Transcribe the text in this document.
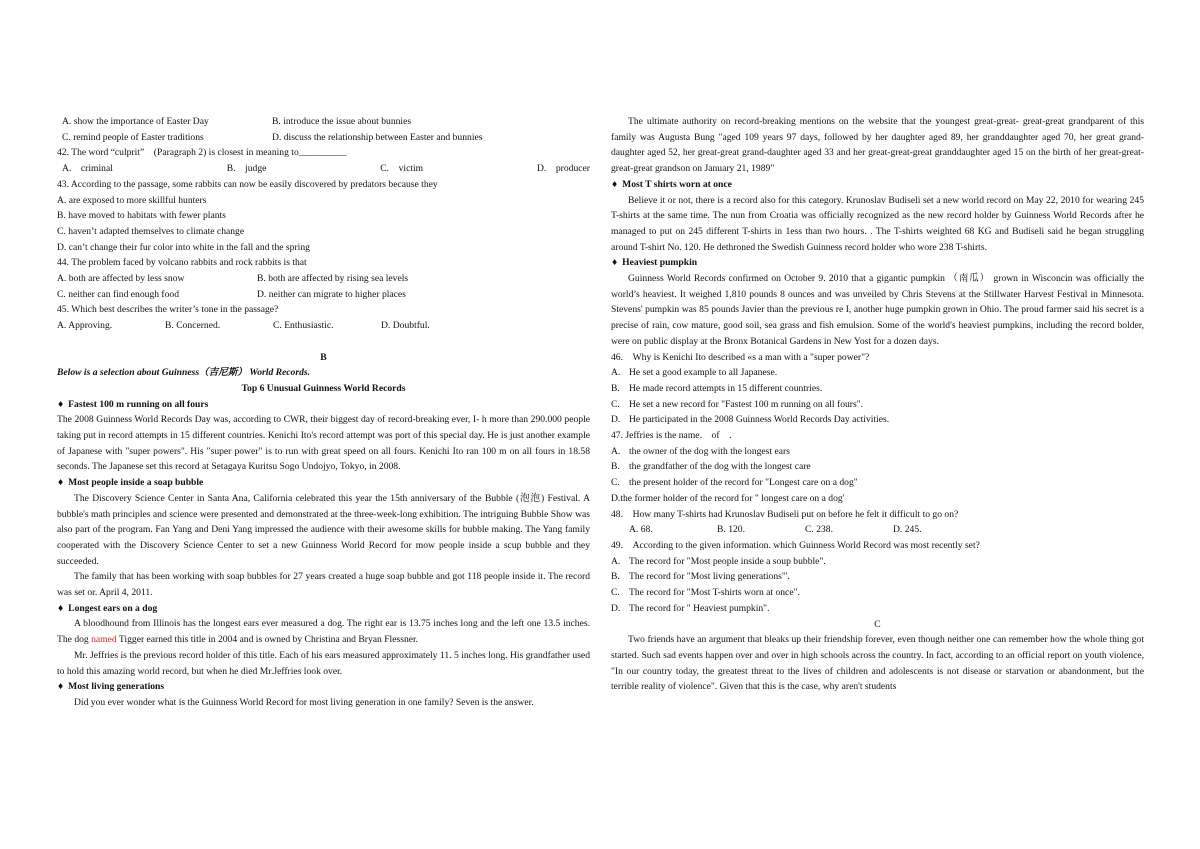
A. show the importance of Easter Day	B. introduce the issue about bunnies
C. remind people of Easter traditions	D. discuss the relationship between Easter and bunnies
42. The word “culprit”　(Paragraph 2) is closest in meaning to__________
A.　criminal	B.　judge	C.　victim	D.　producer
43. According to the passage, some rabbits can now be easily discovered by predators because they
A. are exposed to more skillful hunters
B. have moved to habitats with fewer plants
C. haven’t adapted themselves to climate change
D. can’t change their fur color into white in the fall and the spring
44. The problem faced by volcano rabbits and rock rabbits is that
A. both are affected by less snow	B. both are affected by rising sea levels
C. neither can find enough food	D. neither can migrate to higher places
45. Which best describes the writer’s tone in the passage?
A. Approving.	B. Concerned.	C. Enthusiastic.	D. Doubtful.
B
Below is a selection about Guinness（吉尼斯） World Records.
Top 6 Unusual Guinness World Records
♦ Fastest 100 m running on all fours

The 2008 Guinness World Records Day was, according to CWR, their biggest day of record-breaking ever, I- h more than 290.000 people taking put in record attempts in 15 different countries. Kenichi Ito's record attempt was port of this special day. He is just another example of Japanese with "super powers". His "super power" is to run with great speed on all fours. Kenichi Ito ran 100 m on all fours in 18.58 seconds. The Japanese set this record at Setagaya Kuritsu Sogo Undojyo, Tokyo, in 2008.

♦ Most people inside a soap bubble

The Discovery Science Center in Santa Ana, California celebrated this year the 15th anniversary of the Bubble (泡泡) Festival. A bubble's math principles and science were presented and demonstrated at the three-week-long exhibition. The intriguing Bubble Show was also part of the program. Fan Yang and Deni Yang impressed the audience with their awesome skills for bubble making. The Yang family cooperated with the Discovery Science Center to set a new Guinness World Record for mow people inside a scup bubble and they succeeded.

The family that has been working with soap bubbles for 27 years created a huge soap bubble and got 118 people inside it. The record was set or. April 4, 2011.

♦ Longest ears on a dog

A bloodhound from Illinois has the longest ears ever measured a dog. The right ear is 13.75 inches long and the left one 13.5 inches. The dog named Tigger earned this title in 2004 and is owned by Christina and Bryan Flessner.

Mr. Jeffries is the previous record holder of this title. Each of his ears measured approximately 11. 5 inches long. His grandfather used to hold this amazing world record, but when he died Mr.Jeffries look over.

♦ Most living generations

Did you ever wonder what is the Guinness World Record for most living generation in one family? Seven is the answer.

The ultimate authority on record-breaking mentions on the website that the youngest great-great- great-great grandparent of this family was Augusta Bung "aged 109 years 97 days, followed by her daughter aged 89, her granddaughter aged 70, her great grand-daughter aged 52, her great-great grand-daughter aged 33 and her great-great-great granddaughter aged 15 on the birth of her great-great-great-great grandson on January 21, 1989"

♦ Most T shirts worn at once

Believe it or not, there is a record also for this category. Krunoslav Budiseli set a new world record on May 22, 2010 for wearing 245 T-shirts at the same time. The nun from Croatia was officially recognized as the new record holder by Guinness World Records after he managed to put on 245 different T-shirts in 1ess than two hours. . The T-shirts weighted 68 KG and Budiseli said he began struggling around T-shirt No. 120. He dethroned the Swedish Guinness record holder who wore 238 T-shirts.

♦ Heaviest pumpkin

Guinness World Records confirmed on October 9. 2010 that a gigantic pumpkin （南瓜） grown in Wisconcin was officially the world’s heaviest. It weighed 1,810 pounds 8 ounces and was unveiled by Chris Stevens at the Stillwater Harvest Festival in Minnesota. Stevens' pumpkin was 85 pounds Javier than the previous re I, another huge pumpkin grown in Ohio. The proud farmer said his secret is a precise of rain, cow mature, good soil, sea grass and fish emulsion. Some of the world's heaviest pumpkins, including the record bolder, were on public display at the Bronx Botanical Gardens in New Yost for a dozen days.

46.　Why is Kenichi Ito described «s a man with a "super power"?
A. He set a good example to all Japanese.
B. He made record attempts in 15 different countries.
C. He set a new record for "Fastest 100 m running on all fours".
D. He participated in the 2008 Guinness World Records Day activities.
47. Jeffries is the name． of　.
A. the owner of the dog with the longest ears
B. the grandfather of the dog with the longest care
C. the present holder of the record for "Longest care on a dog"
D.the former holder of the record for " longest care on a dog'
48.　How many T-shirts had Krunoslav Budiseli put on before he felt it difficult to go on?
A. 68.	B. 120.	C. 238.	D. 245.
49.　According to the given information. which Guinness World Record was most recently set?
A. The record for "Most people inside a soup bubble".
B. The record for "Most living generations"'.
C. The record for "Most T-shirts worn at once".
D. The record for " Heaviest pumpkin".
C

Two friends have an argument that bleaks up their friendship forever, even though neither one can remember how the whole thing got started. Such sad events happen over and over in high schools across the country. In fact, according to an official report on youth violence, "In our country today, the greatest threat to the lives of children and adolescents is not disease or starvation or abandonment, but the terrible reality of violence". Given that this is the case, why aren't students
